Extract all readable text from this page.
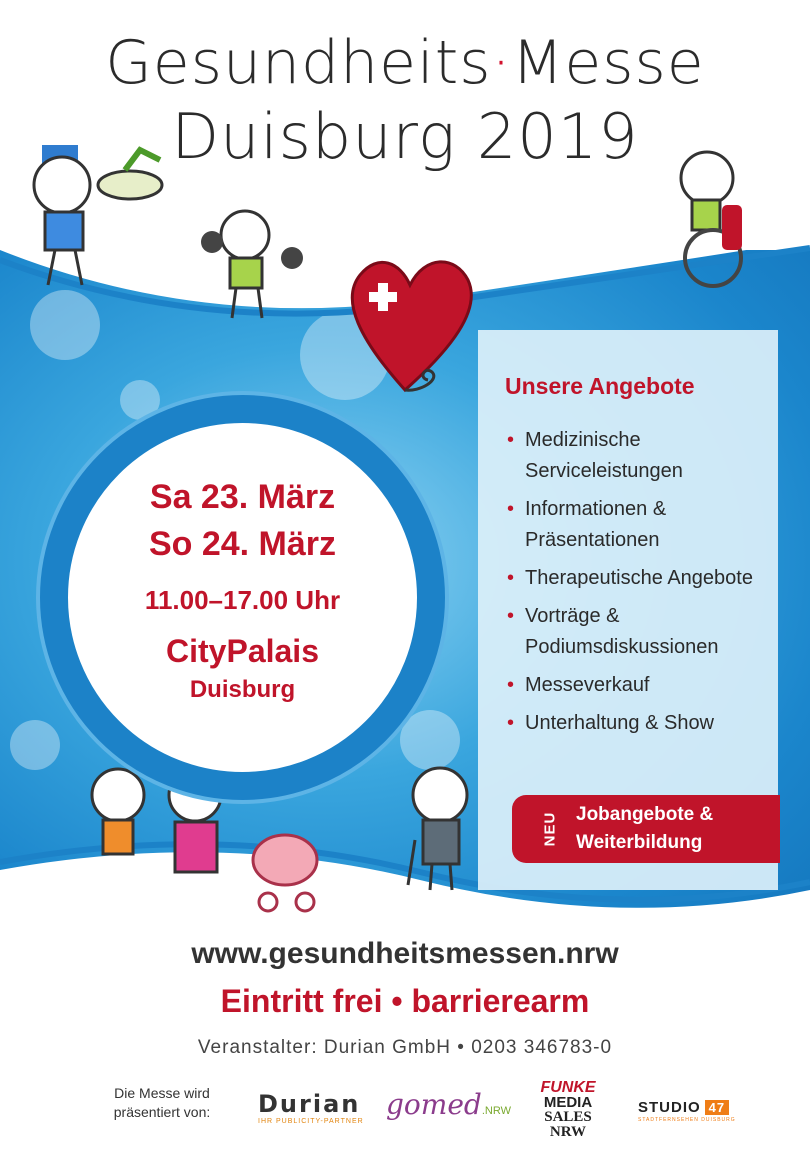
Gesundheits·Messe
Duisburg 2019
Sa 23. März
So 24. März
11.00–17.00 Uhr
CityPalais
Duisburg
Unsere Angebote
• Medizinische Serviceleistungen
• Informationen & Präsentationen
• Therapeutische Angebote
• Vorträge & Podiumsdiskussionen
• Messeverkauf
• Unterhaltung & Show
NEU Jobangebote &
Weiterbildung
www.gesundheitsmessen.nrw
Eintritt frei • barrierearm
Veranstalter: Durian GmbH • 0203 346783-0
Die Messe wird
präsentiert von:	Durian
IHR PUBLICITY-PARTNER
gomed.NRW
FUNKE
MEDIA
SALES NRW
STUDIO 47
STADTFERNSEHEN DUISBURG
